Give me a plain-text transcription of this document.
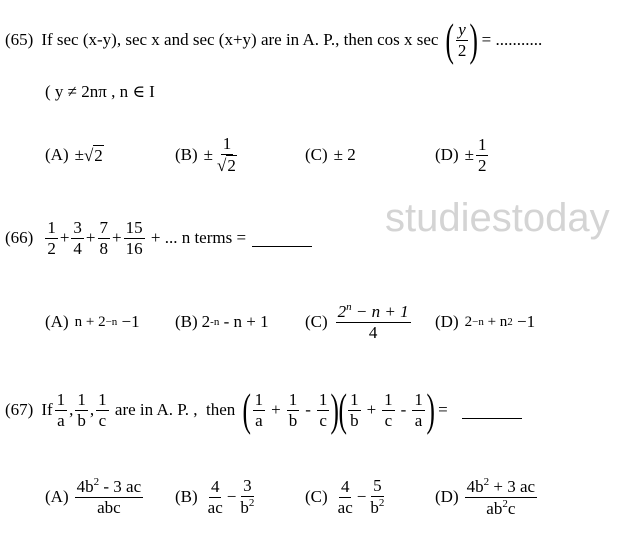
studiestoday
(65) If sec (x-y), sec x and sec (x+y) are in A. P., then cos x sec ( $\frac{y}{2}$ ) = ...........
( y ≠ 2nπ , n ∈ I
(A) ± √ 2	$(B) \pm \frac{1}{√ 2}$	(C) ± 2	$(D) \pm \frac{1}{2}$
$(66) \frac{1}{2} + \frac{3}{4} + \frac{7}{8} + \frac{15}{16}$ + ... n terms =
(A) n + 2 −n −1 (B) 2 -n - n + 1 $(C) \frac{2^n - n + 1}{4} (D)$ 2 −n + n 2 −1
(67) If $\frac{1}{a}$ , $\frac{1}{b}$ , $\frac{1}{c}$ are in A. P. ,  then ( $\frac{1}{a} + \frac{1}{b} - \frac{1}{c}$ )
( $\frac{1}{b} + \frac{1}{c} - \frac{1}{a}$ ) =
$(A) \frac{4b^2 - 3 ac}{\text{abc}} (B) \frac{4}{ac} - \frac{3}{b^2}$	$(C) \frac{4}{ac} - \frac{5}{b^2}$	$(D) \frac{4b^2 + 3 ac}{ab^2c}$
